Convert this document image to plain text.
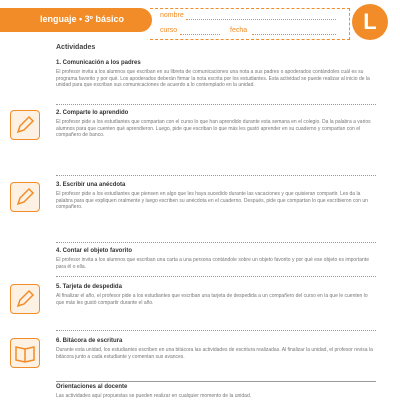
lenguaje • 3º básico	nombre
curso	fecha	L
Actividades
1. Comunicación a los padres
El profesor invita a los alumnos que escriban en su libreta de comunicaciones una nota a sus padres o apoderados contándoles cuál es su programa favorito y por qué. Los apoderados deberán firmar la nota escrita por los estudiantes. Esta actividad se puede realizar al inicio de la unidad para que escriban sus comunicaciones de acuerdo a lo contemplado en la unidad.
2. Comparte lo aprendido
El profesor pide a los estudiantes que compartan con el curso lo que han aprendido durante esta semana en el colegio. Da la palabra a varios alumnos para que cuenten qué aprendieron. Luego, pide que escriban lo que más les gustó aprender en su cuaderno y compartan con el compañero de banco.
3. Escribir una anécdota
El profesor pide a los estudiantes que piensen en algo que les haya sucedido durante las vacaciones y que quisieran compartir. Les da la palabra para que expliquen oralmente y luego escriben su anécdota en el cuaderno. Después, pide que compartan lo que escribieron con un compañero.
4. Contar el objeto favorito
El profesor invita a los alumnos que escriban una carta a una persona contándole sobre un objeto favorito y por qué ese objeto es importante para él o ella.
5. Tarjeta de despedida
Al finalizar el año, el profesor pide a los estudiantes que escriban una tarjeta de despedida a un compañero del curso en la que le cuenten lo que más les gustó compartir durante el año.
6. Bitácora de escritura
Durante esta unidad, los estudiantes escriben en una bitácora las actividades de escritura realizadas. Al finalizar la unidad, el profesor revisa la bitácora junto a cada estudiante y comentan sus avances.
Orientaciones al docente
Las actividades aquí propuestas se pueden realizar en cualquier momento de la unidad.
